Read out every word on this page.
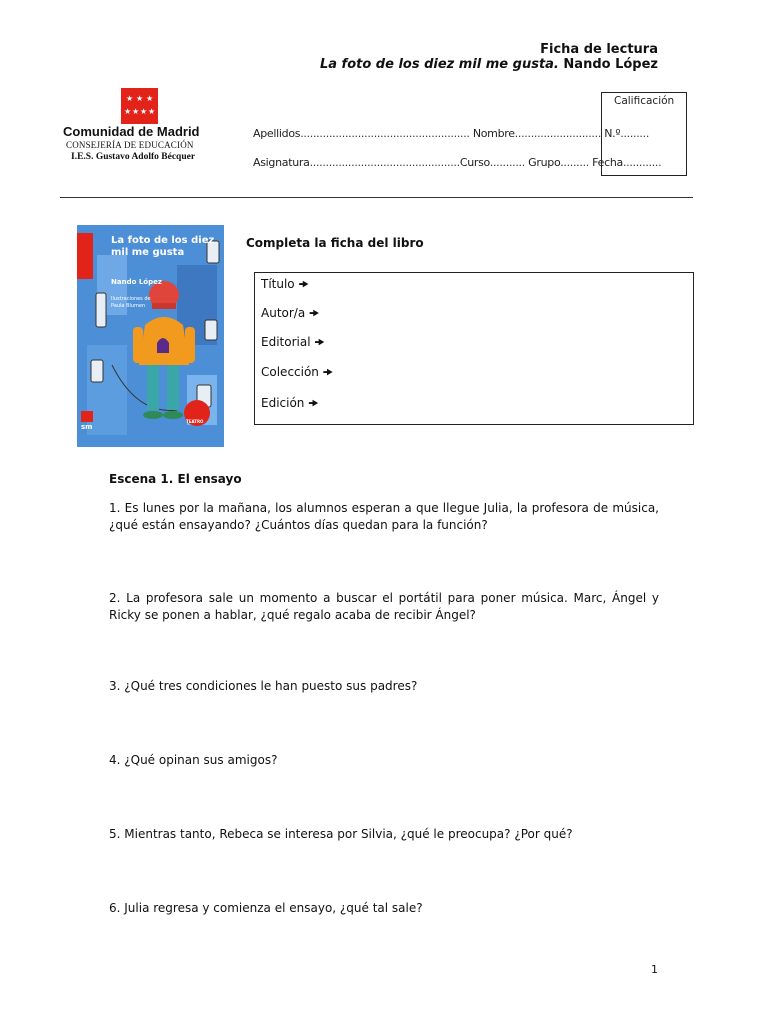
Ficha de lectura
La foto de los diez mil me gusta. Nando López
★ ★ ★
★ ★ ★ ★
Comunidad de Madrid
CONSEJERÍA DE EDUCACIÓN
I.E.S. Gustavo Adolfo Bécquer
Apellidos..................................................... Nombre........................... N.º.........
Asignatura...............................................Curso........... Grupo......... Fecha............
Calificación
La foto de los diez mil me gusta
Nando López
Ilustraciones de Paula Blumen
TEATRO
sm
Completa la ficha del libro
Título 🠞
Autor/a 🠞
Editorial 🠞
Colección 🠞
Edición 🠞
Escena 1. El ensayo
1. Es lunes por la mañana, los alumnos esperan a que llegue Julia, la profesora de música, ¿qué están ensayando? ¿Cuántos días quedan para la función?
2. La profesora sale un momento a buscar el portátil para poner música. Marc, Ángel y Ricky se ponen a hablar, ¿qué regalo acaba de recibir Ángel?
3. ¿Qué tres condiciones le han puesto sus padres?
4. ¿Qué opinan sus amigos?
5. Mientras tanto, Rebeca se interesa por Silvia, ¿qué le preocupa? ¿Por qué?
6. Julia regresa y comienza el ensayo, ¿qué tal sale?
1
